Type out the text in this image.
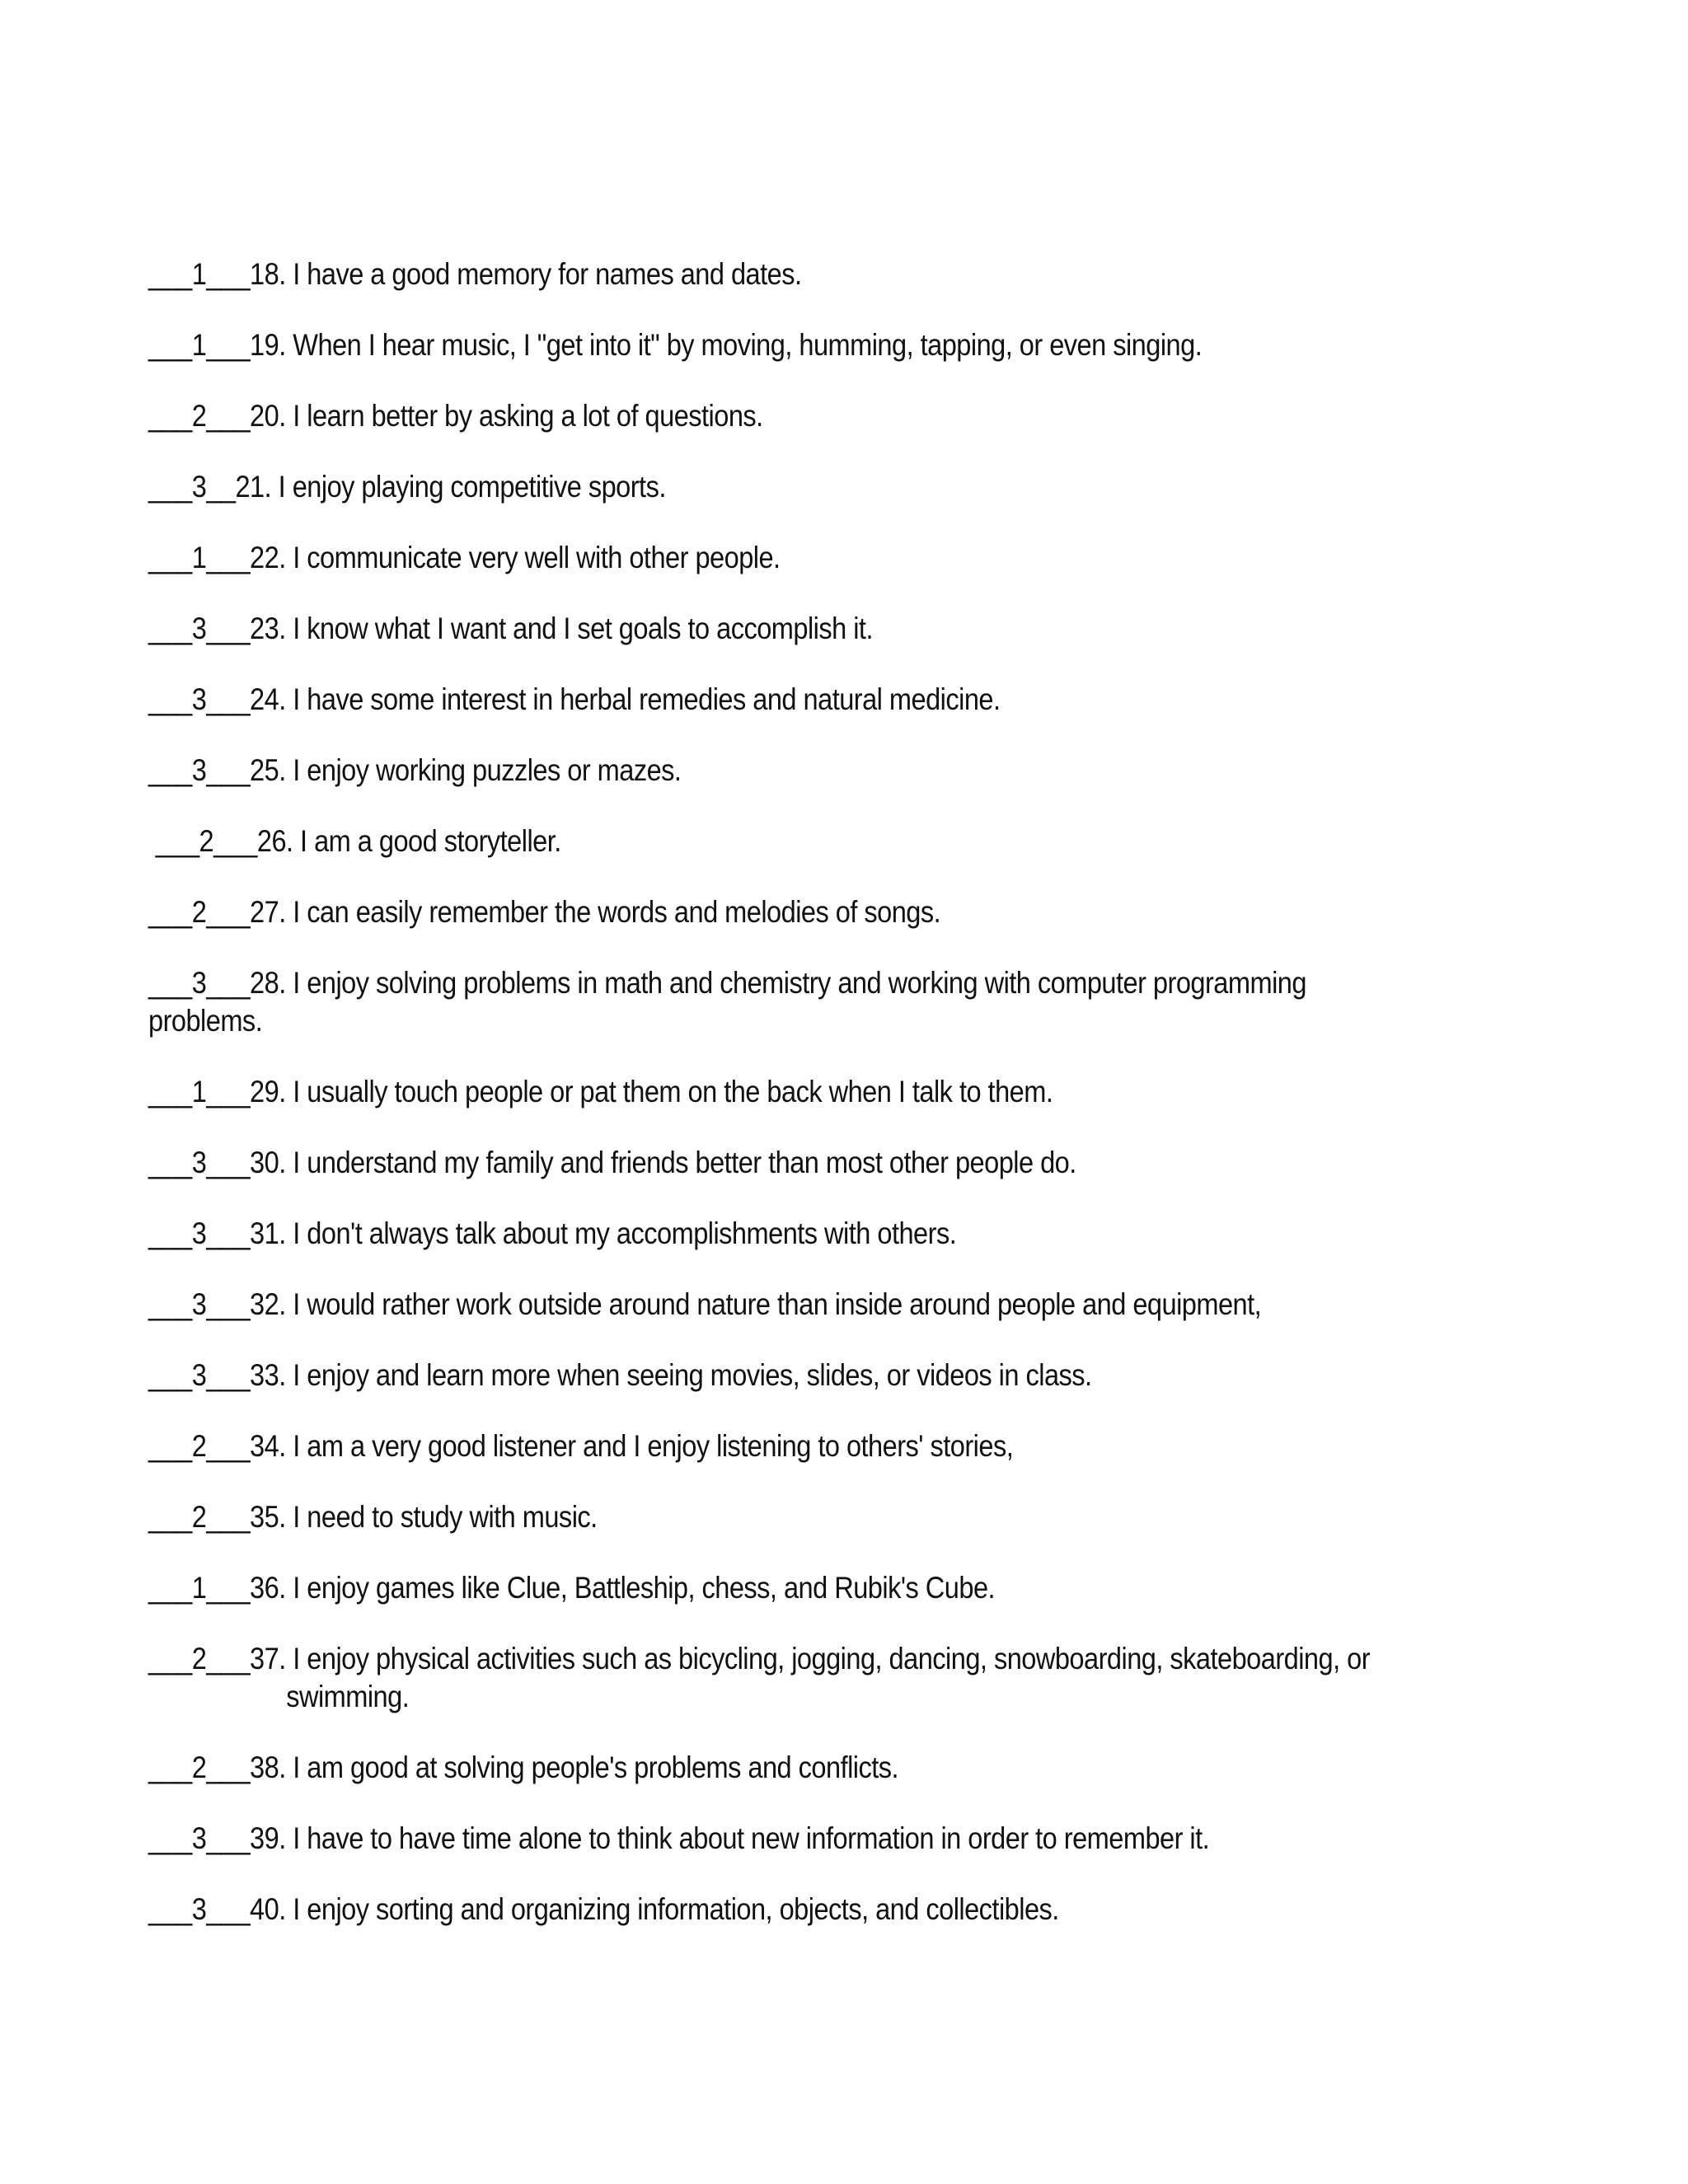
___1___18. I have a good memory for names and dates.
___1___19. When I hear music, I "get into it" by moving, humming, tapping, or even singing.
___2___20. I learn better by asking a lot of questions.
___3__21. I enjoy playing competitive sports.
___1___22. I communicate very well with other people.
___3___23. I know what I want and I set goals to accomplish it.
___3___24. I have some interest in herbal remedies and natural medicine.
___3___25. I enjoy working puzzles or mazes.
___2___26. I am a good storyteller.
___2___27. I can easily remember the words and melodies of songs.
___3___28. I enjoy solving problems in math and chemistry and working with computer programming
problems.
___1___29. I usually touch people or pat them on the back when I talk to them.
___3___30. I understand my family and friends better than most other people do.
___3___31. I don't always talk about my accomplishments with others.
___3___32. I would rather work outside around nature than inside around people and equipment,
___3___33. I enjoy and learn more when seeing movies, slides, or videos in class.
___2___34. I am a very good listener and I enjoy listening to others' stories,
___2___35. I need to study with music.
___1___36. I enjoy games like Clue, Battleship, chess, and Rubik's Cube.
___2___37. I enjoy physical activities such as bicycling, jogging, dancing, snowboarding, skateboarding, or
swimming.
___2___38. I am good at solving people's problems and conflicts.
___3___39. I have to have time alone to think about new information in order to remember it.
___3___40. I enjoy sorting and organizing information, objects, and collectibles.
